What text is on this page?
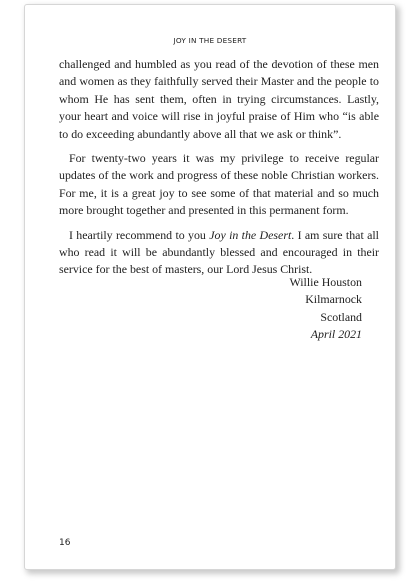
JOY IN THE DESERT

challenged and humbled as you read of the devotion of these men and women as they faithfully served their Master and the people to whom He has sent them, often in trying circumstances. Lastly, your heart and voice will rise in joyful praise of Him who “is able to do exceeding abundantly above all that we ask or think”.

For twenty-two years it was my privilege to receive regular updates of the work and progress of these noble Christian workers. For me, it is a great joy to see some of that material and so much more brought together and presented in this permanent form.

I heartily recommend to you Joy in the Desert. I am sure that all who read it will be abundantly blessed and encouraged in their service for the best of masters, our Lord Jesus Christ.

Willie Houston
Kilmarnock
Scotland
April 2021
16
